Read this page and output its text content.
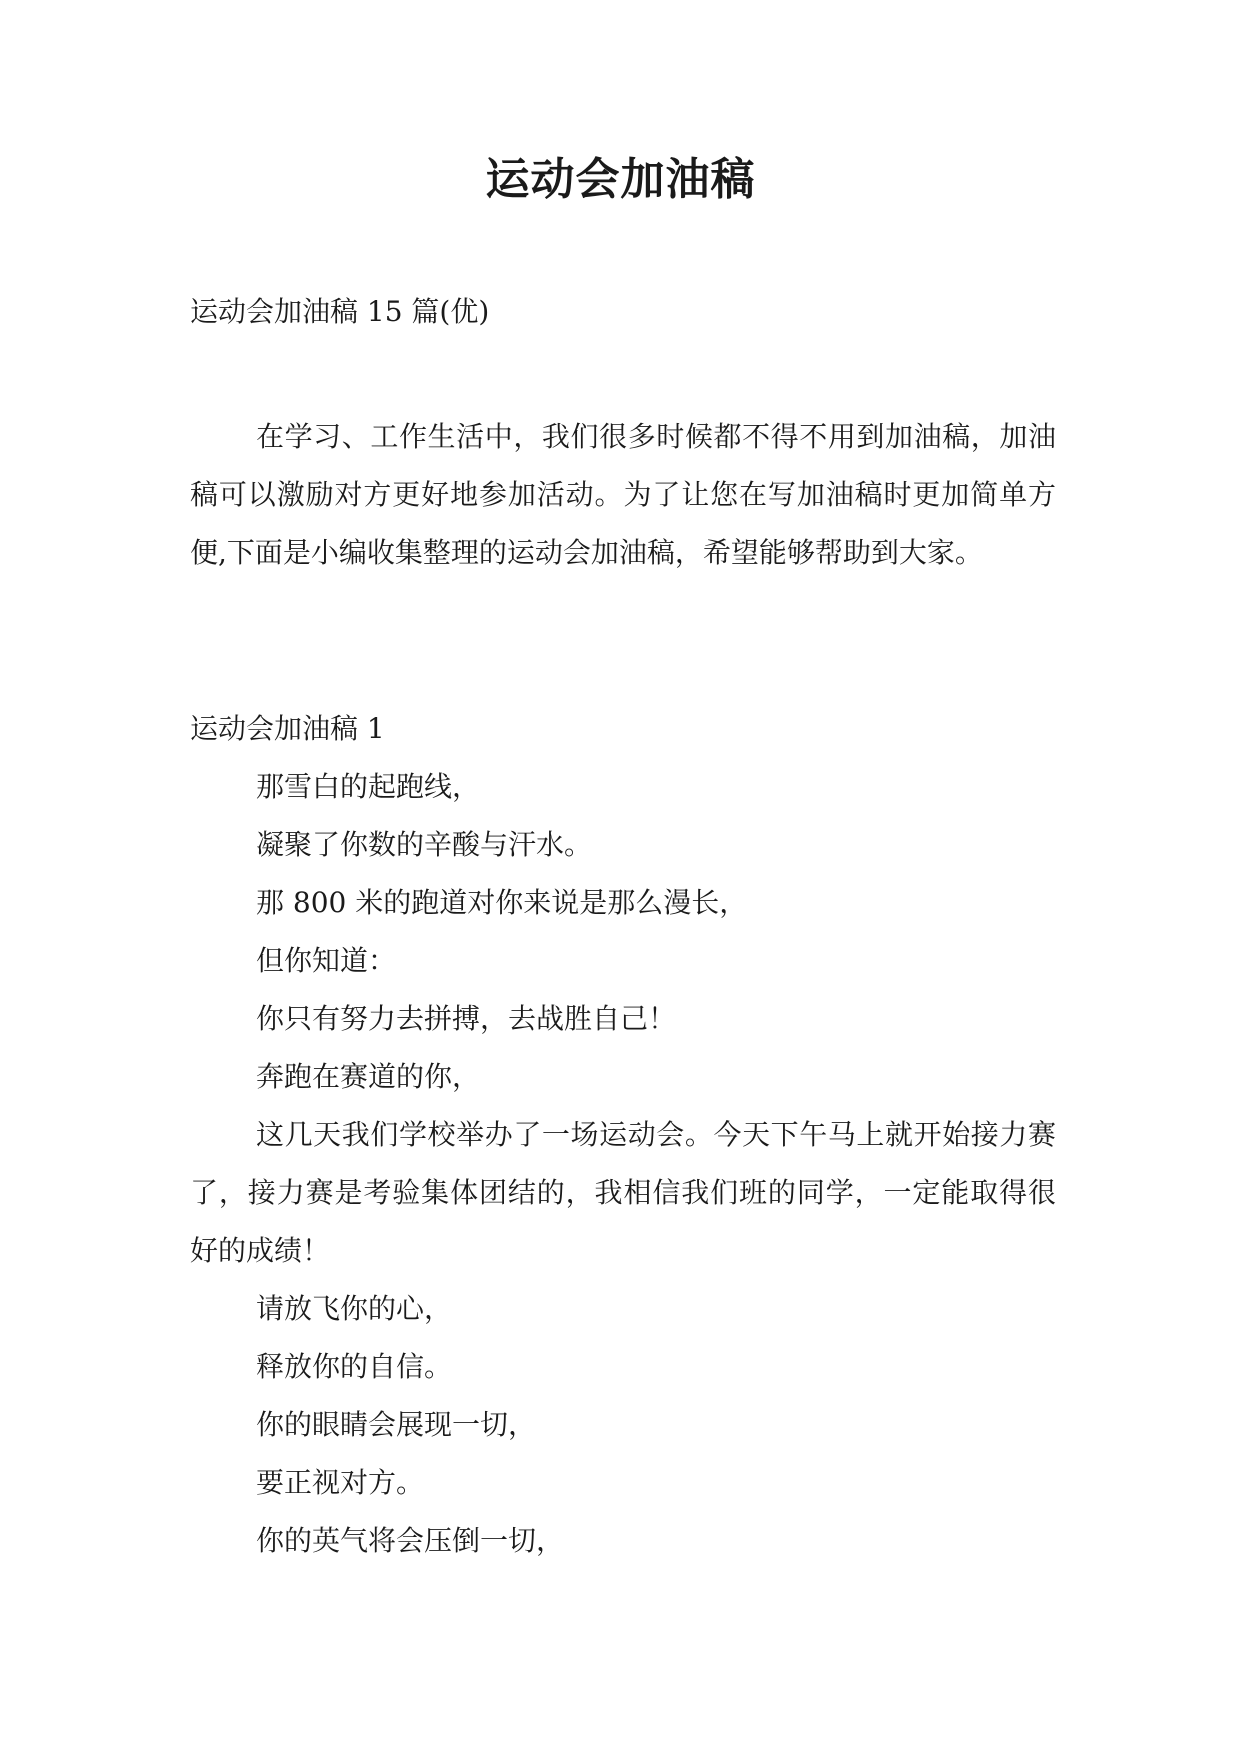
运动会加油稿
运动会加油稿 15 篇(优)

在学习、工作生活中，我们很多时候都不得不用到加油稿，加油稿可以激励对方更好地参加活动。为了让您在写加油稿时更加简单方便,下面是小编收集整理的运动会加油稿，希望能够帮助到大家。

运动会加油稿 1

那雪白的起跑线，

凝聚了你数的辛酸与汗水。

那 800 米的跑道对你来说是那么漫长，

但你知道：

你只有努力去拼搏，去战胜自己！

奔跑在赛道的你，

这几天我们学校举办了一场运动会。今天下午马上就开始接力赛了，接力赛是考验集体团结的，我相信我们班的同学，一定能取得很好的成绩！

请放飞你的心，

释放你的自信。

你的眼睛会展现一切，

要正视对方。

你的英气将会压倒一切，
